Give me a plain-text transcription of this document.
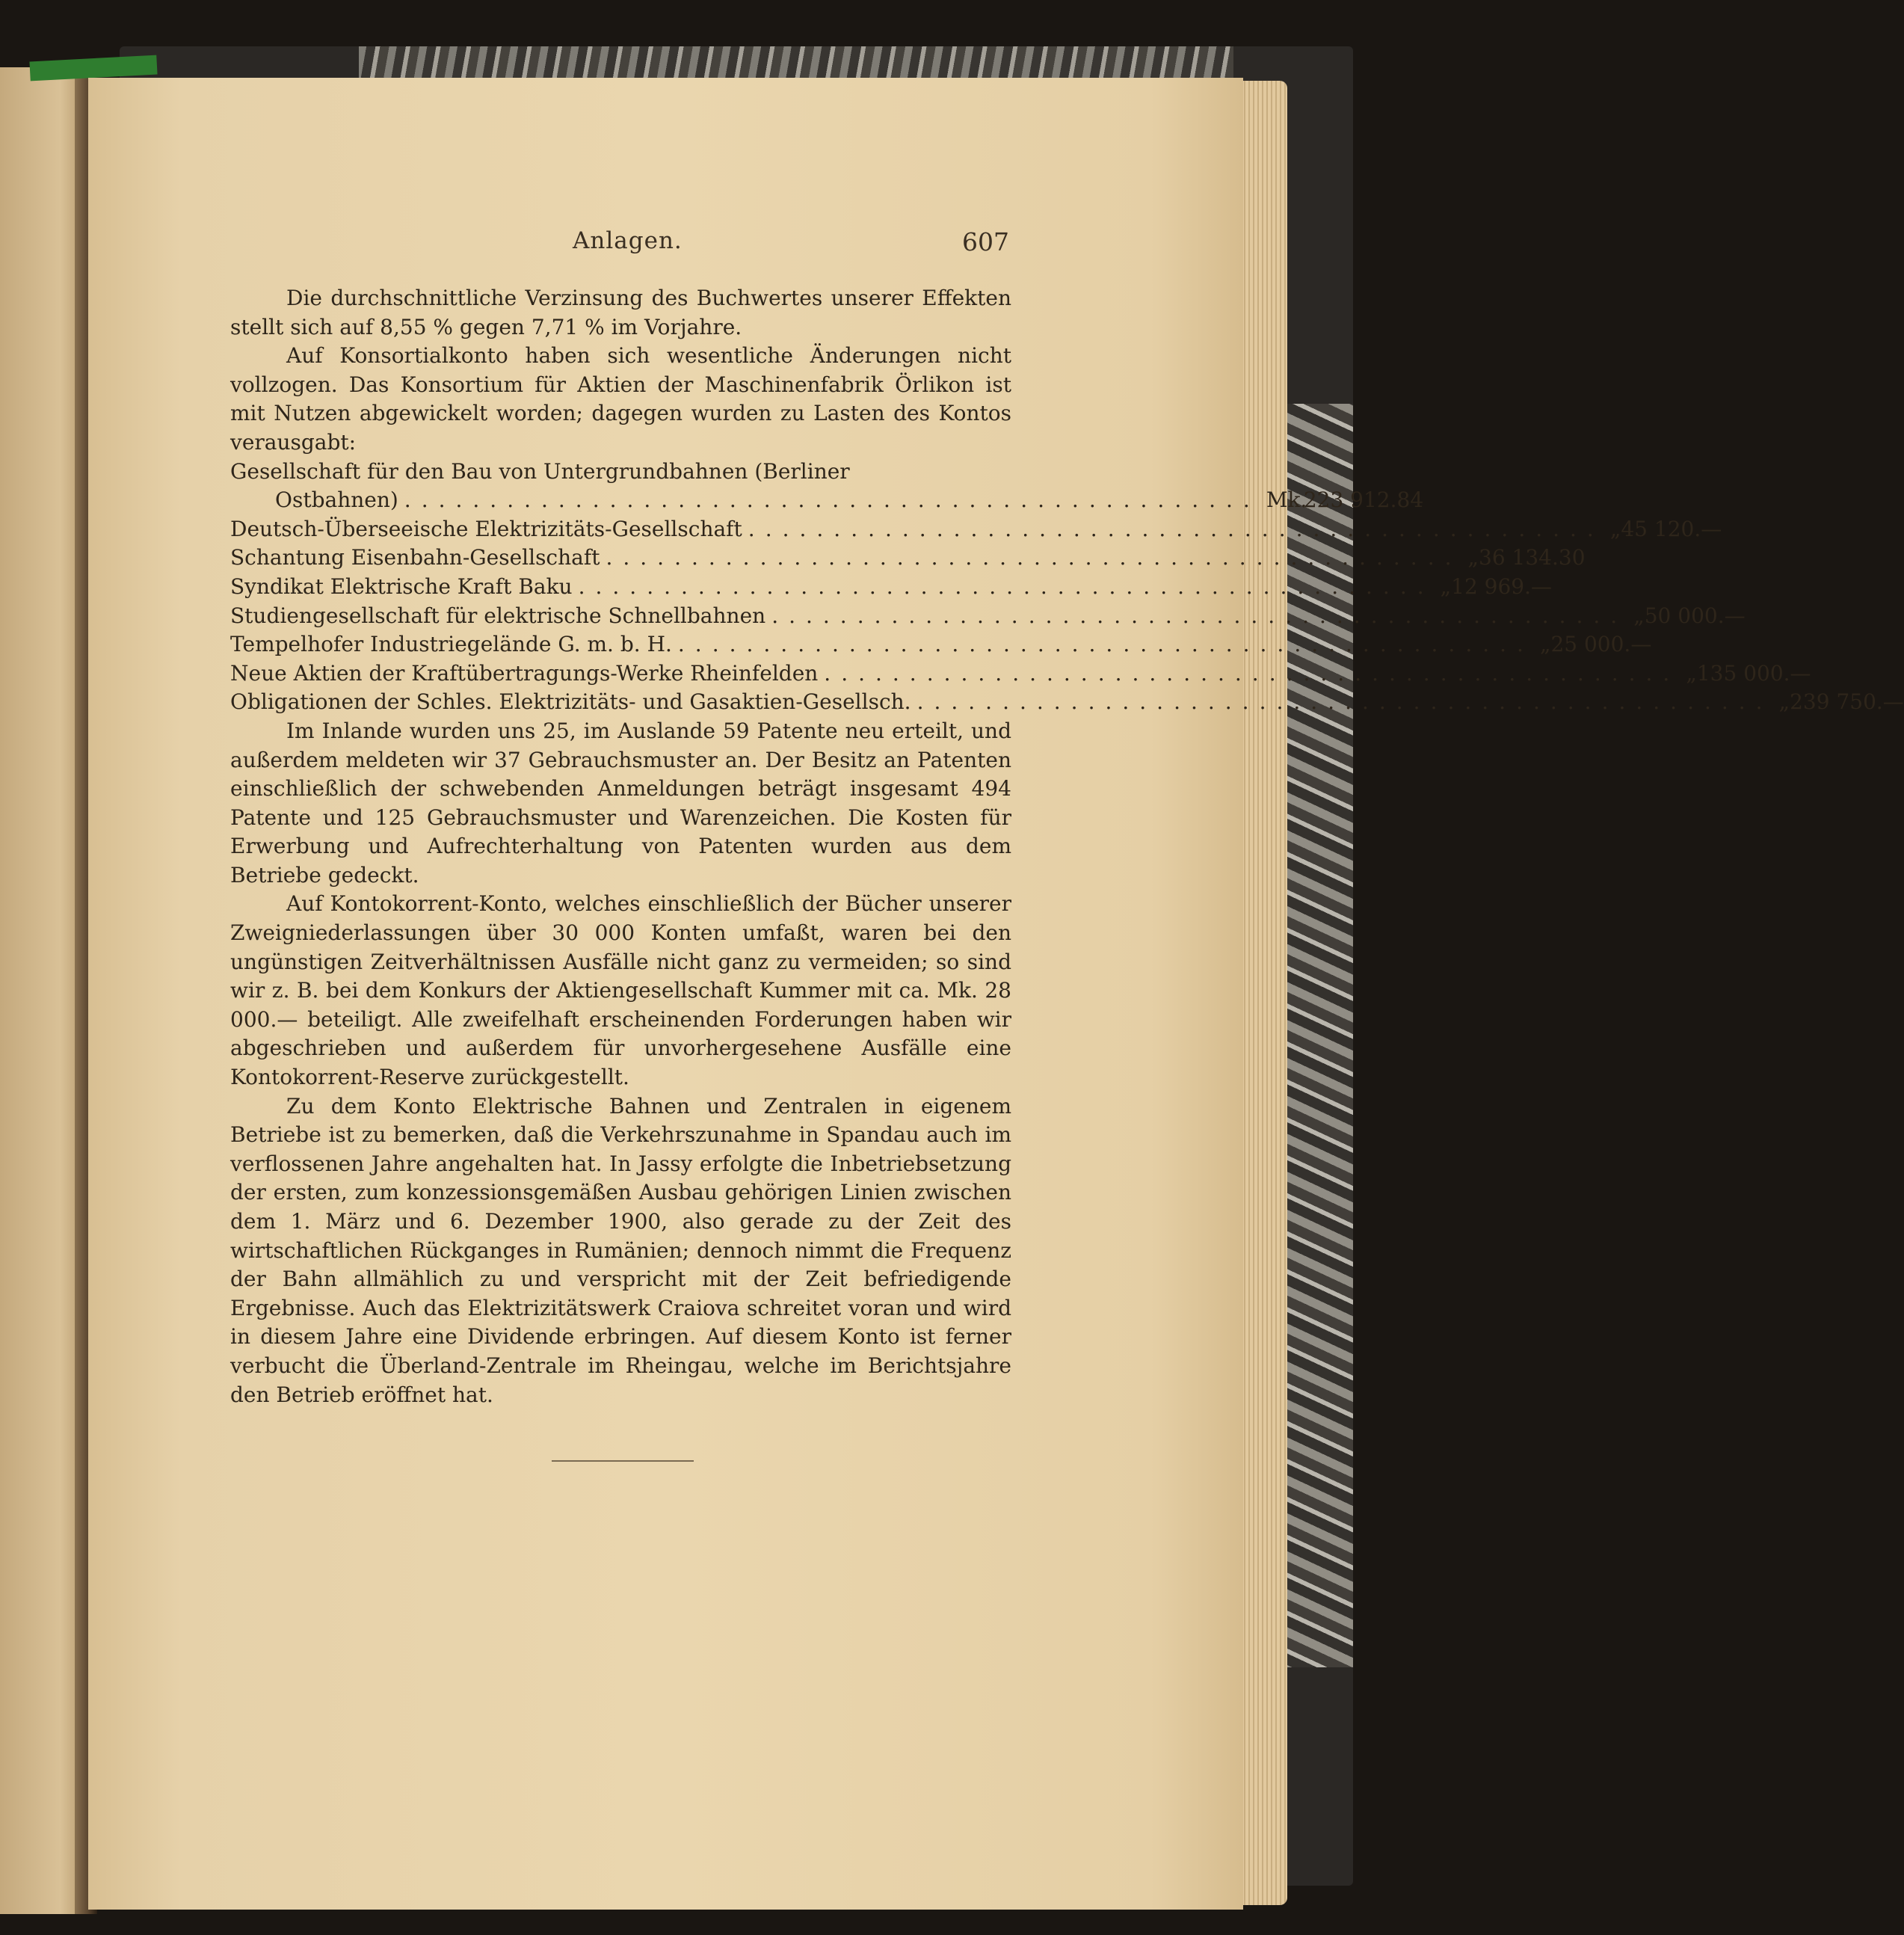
Anlagen.	607

Die durchschnittliche Verzinsung des Buchwertes unserer Effekten stellt sich auf 8,55 % gegen 7,71 % im Vorjahre.

Auf Konsortialkonto haben sich wesentliche Änderungen nicht vollzogen. Das Konsortium für Aktien der Maschinenfabrik Örlikon ist mit Nutzen abgewickelt worden; dagegen wurden zu Lasten des Kontos verausgabt:

Gesellschaft für den Bau von Untergrundbahnen (Berliner
Ostbahnen) .................................................. Mk.
223 912.84
Deutsch-Überseeische Elektrizitäts-Gesellschaft .................................................. „ 45 120.—
Schantung Eisenbahn-Gesellschaft .................................................. „ 36 134.30
Syndikat Elektrische Kraft Baku .................................................. „ 12 969.—
Studiengesellschaft für elektrische Schnellbahnen .................................................. „ 50 000.—
Tempelhofer Industriegelände G. m. b. H. .................................................. „ 25 000.—
Neue Aktien der Kraftübertragungs-Werke Rheinfelden .................................................. „ 135 000.—
Obligationen der Schles. Elektrizitäts- und Gasaktien-Gesellsch. .................................................. „ 239 750.—

Im Inlande wurden uns 25, im Auslande 59 Patente neu erteilt, und außerdem meldeten wir 37 Gebrauchsmuster an. Der Besitz an Patenten einschließlich der schwebenden Anmeldungen beträgt insgesamt 494 Patente und 125 Gebrauchsmuster und Warenzeichen. Die Kosten für Erwerbung und Aufrechterhaltung von Patenten wurden aus dem Betriebe gedeckt.

Auf Kontokorrent-Konto, welches einschließlich der Bücher unserer Zweigniederlassungen über 30 000 Konten umfaßt, waren bei den ungünstigen Zeitverhältnissen Ausfälle nicht ganz zu vermeiden; so sind wir z. B. bei dem Konkurs der Aktiengesellschaft Kummer mit ca. Mk. 28 000.— beteiligt. Alle zweifelhaft erscheinenden Forderungen haben wir abgeschrieben und außerdem für unvorhergesehene Ausfälle eine Kontokorrent-Reserve zurückgestellt.

Zu dem Konto Elektrische Bahnen und Zentralen in eigenem Betriebe ist zu bemerken, daß die Verkehrszunahme in Spandau auch im verflossenen Jahre angehalten hat. In Jassy erfolgte die Inbetriebsetzung der ersten, zum konzessionsgemäßen Ausbau gehörigen Linien zwischen dem 1. März und 6. Dezember 1900, also gerade zu der Zeit des wirtschaftlichen Rückganges in Rumänien; dennoch nimmt die Frequenz der Bahn allmählich zu und verspricht mit der Zeit befriedigende Ergebnisse. Auch das Elektrizitätswerk Craiova schreitet voran und wird in diesem Jahre eine Dividende erbringen. Auf diesem Konto ist ferner verbucht die Überland-Zentrale im Rheingau, welche im Berichtsjahre den Betrieb eröffnet hat.
